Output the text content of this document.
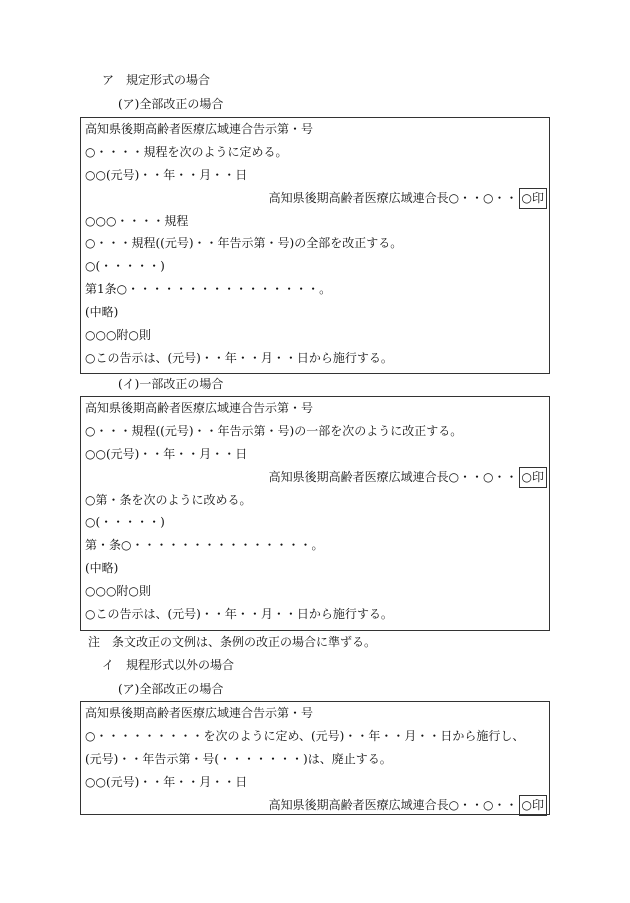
ア　規定形式の場合
(ア)全部改正の場合
高知県後期高齢者医療広域連合告示第・号
○・・・・規程を次のように定める。
○○(元号)・・年・・月・・日
高知県後期高齢者医療広域連合長○・・○・・ ○印
○○○・・・・規程
○・・・規程((元号)・・年告示第・号)の全部を改正する。
○(・・・・・)
第1条○・・・・・・・・・・・・・・・・。
(中略)
○○○附○則
○この告示は、(元号)・・年・・月・・日から施行する。
(イ)一部改正の場合
高知県後期高齢者医療広域連合告示第・号
○・・・規程((元号)・・年告示第・号)の一部を次のように改正する。
○○(元号)・・年・・月・・日
高知県後期高齢者医療広域連合長○・・○・・ ○印
○第・条を次のように改める。
○(・・・・・)
第・条○・・・・・・・・・・・・・・・。
(中略)
○○○附○則
○この告示は、(元号)・・年・・月・・日から施行する。
注　条文改正の文例は、条例の改正の場合に準ずる。
イ　規程形式以外の場合
(ア)全部改正の場合
高知県後期高齢者医療広域連合告示第・号
○・・・・・・・・・を次のように定め、(元号)・・年・・月・・日から施行し、
(元号)・・年告示第・号(・・・・・・・)は、廃止する。
○○(元号)・・年・・月・・日
高知県後期高齢者医療広域連合長○・・○・・ ○印
